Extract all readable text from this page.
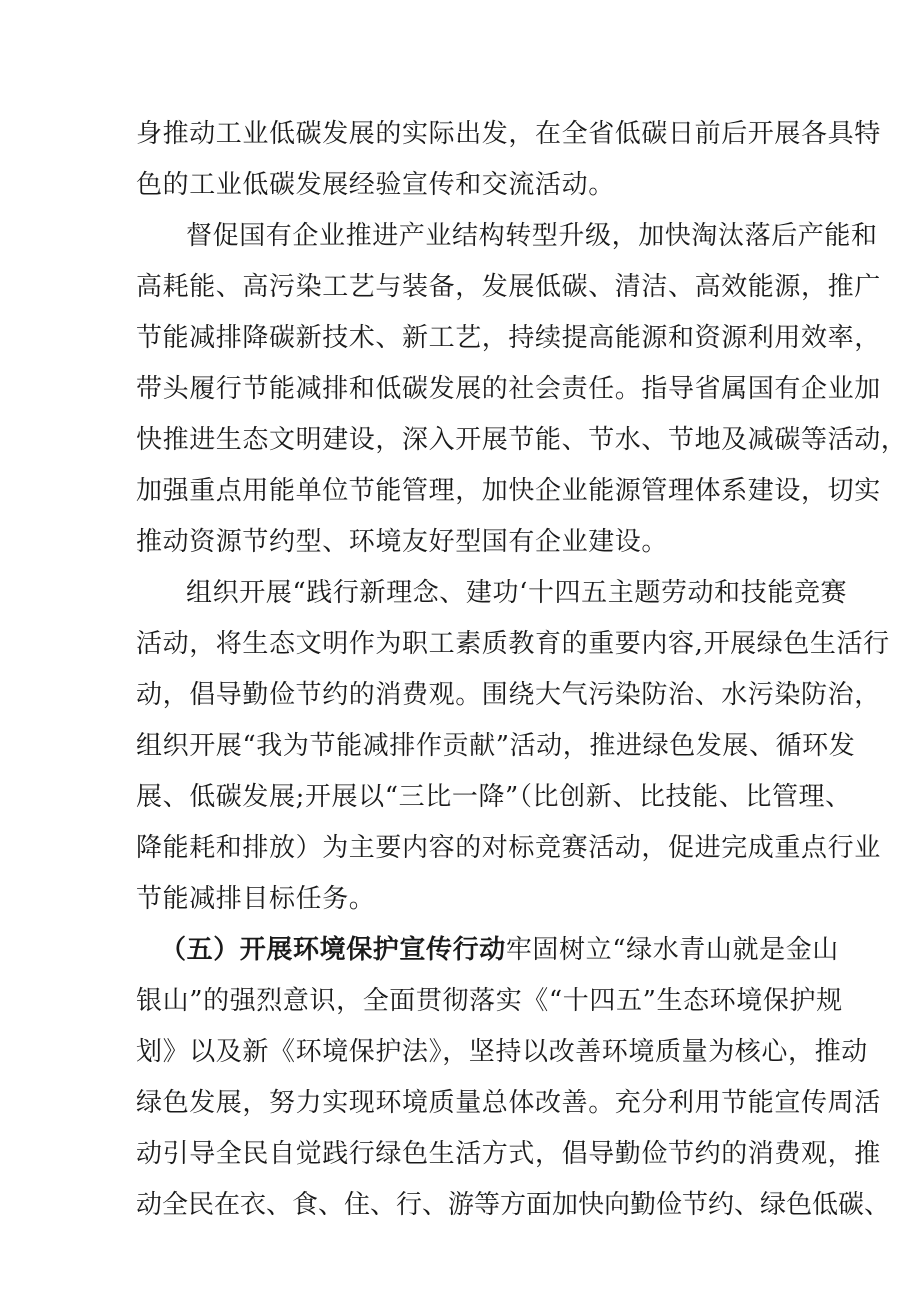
身推动工业低碳发展的实际出发，在全省低碳日前后开展各具特
色的工业低碳发展经验宣传和交流活动。
督促国有企业推进产业结构转型升级，加快淘汰落后产能和
高耗能、高污染工艺与装备，发展低碳、清洁、高效能源，推广
节能减排降碳新技术、新工艺，持续提高能源和资源利用效率，
带头履行节能减排和低碳发展的社会责任。指导省属国有企业加
快推进生态文明建设，深入开展节能、节水、节地及减碳等活动，
加强重点用能单位节能管理，加快企业能源管理体系建设，切实
推动资源节约型、环境友好型国有企业建设。
组织开展“践行新理念、建功‘十四五主题劳动和技能竞赛
活动，将生态文明作为职工素质教育的重要内容,开展绿色生活行
动，倡导勤俭节约的消费观。围绕大气污染防治、水污染防治，
组织开展“我为节能减排作贡献”活动，推进绿色发展、循环发
展、低碳发展;开展以“三比一降”（比创新、比技能、比管理、
降能耗和排放）为主要内容的对标竞赛活动，促进完成重点行业
节能减排目标任务。
（五）开展环境保护宣传行动牢固树立“绿水青山就是金山
银山”的强烈意识，全面贯彻落实《“十四五”生态环境保护规
划》以及新《环境保护法》，坚持以改善环境质量为核心，推动
绿色发展，努力实现环境质量总体改善。充分利用节能宣传周活
动引导全民自觉践行绿色生活方式，倡导勤俭节约的消费观，推
动全民在衣、食、住、行、游等方面加快向勤俭节约、绿色低碳、
